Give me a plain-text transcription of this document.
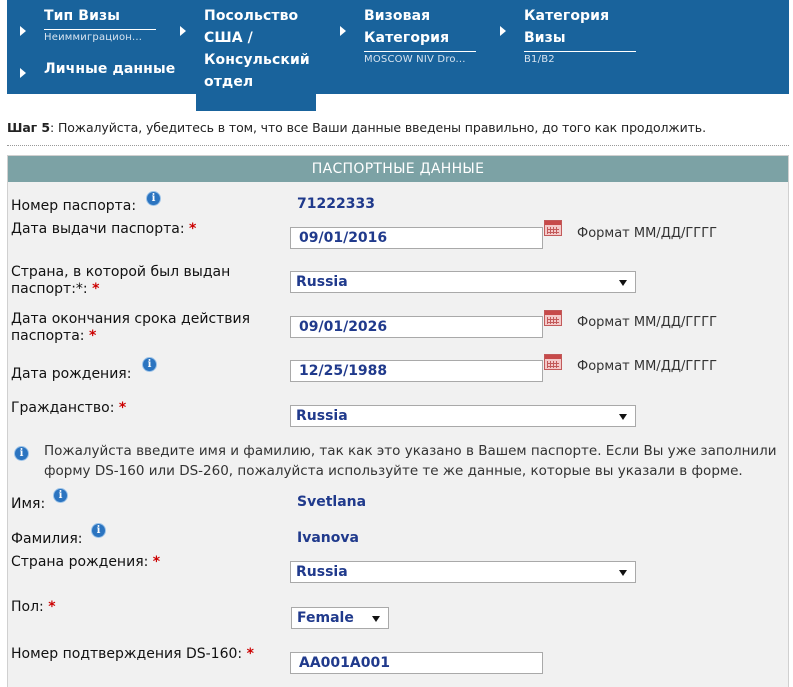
Тип Визы
Неиммиграцион...
Личные данные
Посольство
США /
Консульский
отдел
Визовая
Категория
MOSCOW NIV Dro...
Категория
Визы
B1/B2
Шаг 5: Пожалуйста, убедитесь в том, что все Ваши данные введены правильно, до того как продолжить.
ПАСПОРТНЫЕ ДАННЫЕ
Номер паспорта:	i	71222333
Дата выдачи паспорта: *
09/01/2016	Формат ММ/ДД/ГГГГ
Страна, в которой был выдан
паспорт:*: *	Russia
Дата окончания срока действия
паспорта: *
09/01/2026	Формат ММ/ДД/ГГГГ
Дата рождения:
i	12/25/1988	Формат ММ/ДД/ГГГГ
Гражданство: *	Russia
i	Пожалуйста введите имя и фамилию, так как это указано в Вашем паспорте. Если Вы уже заполнили
форму DS-160 или DS-260, пожалуйста используйте те же данные, которые вы указали в форме.
Имя:
i	Svetlana
Фамилия:
i	Ivanova
Страна рождения: *
Russia
Пол: *
Female
Номер подтверждения DS-160: *
AA001A001
